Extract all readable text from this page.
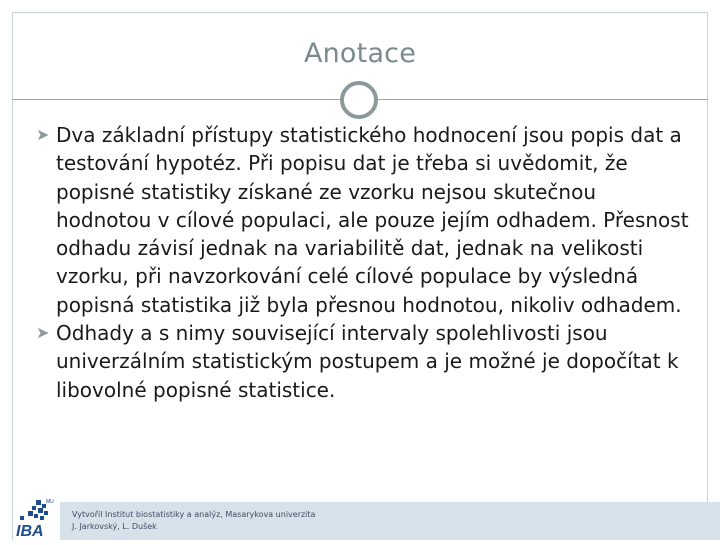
Anotace

➤ Dva základní přístupy statistického hodnocení jsou popis dat a testování hypotéz. Při popisu dat je třeba si uvědomit, že popisné statistiky získané ze vzorku nejsou skutečnou hodnotou v cílové populaci, ale pouze jejím odhadem. Přesnost odhadu závisí jednak na variabilitě dat, jednak na velikosti vzorku, při navzorkování celé cílové populace by výsledná popisná statistika již byla přesnou hodnotou, nikoliv odhadem.

➤ Odhady a s nimy související intervaly spolehlivosti jsou univerzálním statistickým postupem a je možné je dopočítat k libovolné popisné statistice.

MU
IBA
Vytvořil Institut biostatistiky a analýz, Masarykova univerzita
J. Jarkovský, L. Dušek
